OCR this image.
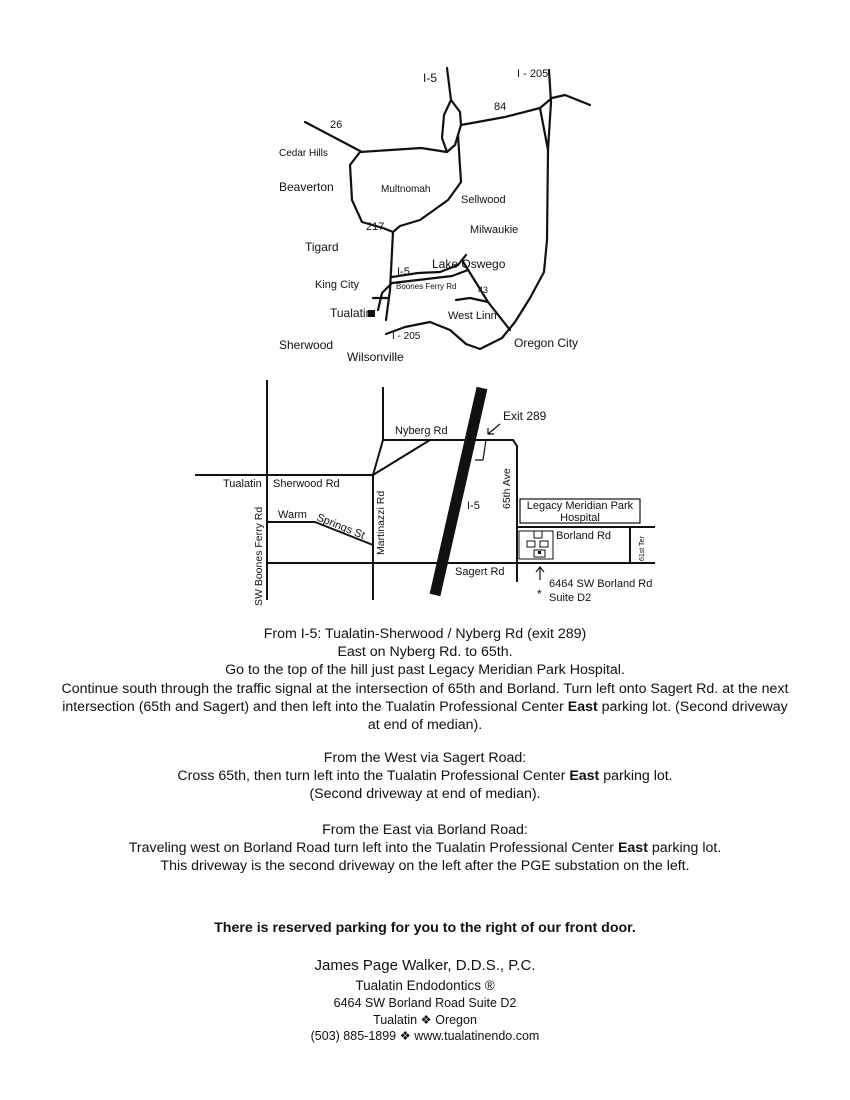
I-5	I - 205
84
26
217
I-5
I - 205
43
Cedar Hills
Beaverton	Multnomah
Sellwood
Milwaukie
Tigard
Lake Oswego
King City	Boones Ferry Rd
Tualatin	West Linn
Sherwood
Wilsonville
Oregon City
Exit 289
Nyberg Rd
Tualatin Sherwood Rd
Warm Springs St
SW Boones Ferry Rd	Martinazzi Rd	I-5 65th Ave Legacy Meridian Park
Hospital
Borland Rd
Sagert Rd
61st Ter
*
6464 SW Borland Rd
Suite D2

From I-5: Tualatin-Sherwood / Nyberg Rd (exit 289)

East on Nyberg Rd. to 65th.

Go to the top of the hill just past Legacy Meridian Park Hospital.

Continue south through the traffic signal at the intersection of 65th and Borland. Turn left onto Sagert Rd. at the next intersection (65th and Sagert) and then left into the Tualatin Professional Center East parking lot. (Second driveway at end of median).

From the West via Sagert Road:

Cross 65th, then turn left into the Tualatin Professional Center East parking lot.

(Second driveway at end of median).

From the East via Borland Road:

Traveling west on Borland Road turn left into the Tualatin Professional Center East parking lot.

This driveway is the second driveway on the left after the PGE substation on the left.

There is reserved parking for you to the right of our front door.
James Page Walker, D.D.S., P.C.
Tualatin Endodontics ®
6464 SW Borland Road Suite D2
Tualatin ❖ Oregon
(503) 885-1899 ❖ www.tualatinendo.com
